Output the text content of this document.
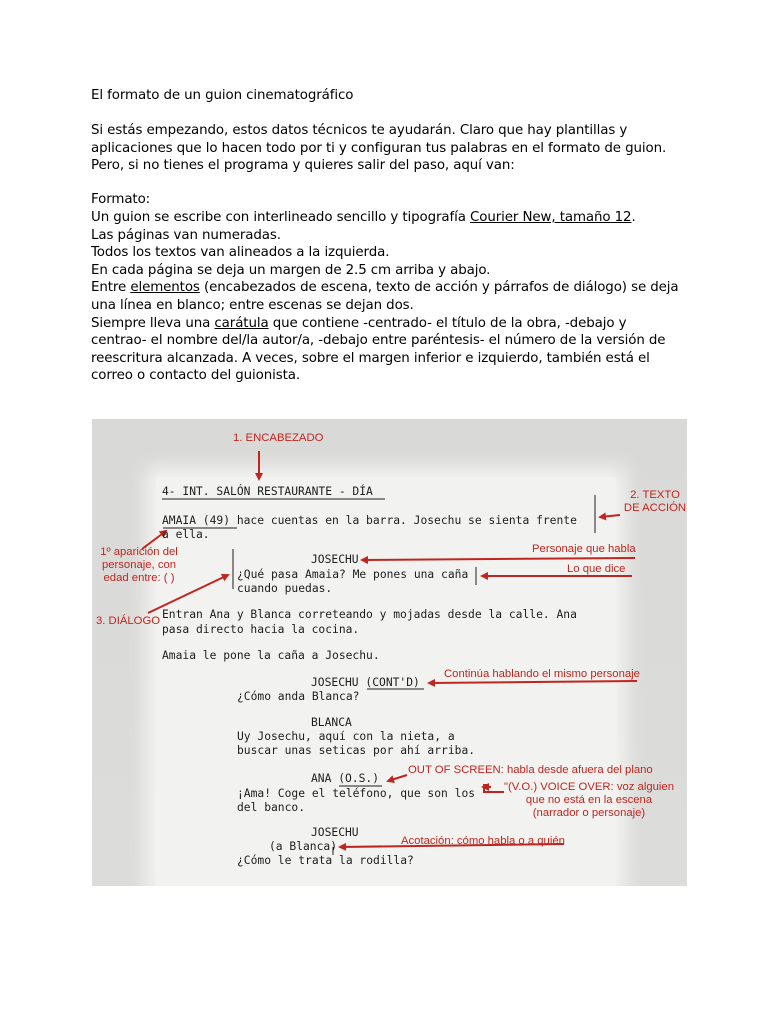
El formato de un guion cinematográfico
Si estás empezando, estos datos técnicos te ayudarán. Claro que hay plantillas y
aplicaciones que lo hacen todo por ti y configuran tus palabras en el formato de guion.
Pero, si no tienes el programa y quieres salir del paso, aquí van:
Formato:
Un guion se escribe con interlineado sencillo y tipografía Courier New, tamaño 12.
Las páginas van numeradas.
Todos los textos van alineados a la izquierda.
En cada página se deja un margen de 2.5 cm arriba y abajo.
Entre elementos (encabezados de escena, texto de acción y párrafos de diálogo) se deja
una línea en blanco; entre escenas se dejan dos.
Siempre lleva una carátula que contiene -centrado- el título de la obra, -debajo y
centrao- el nombre del/la autor/a, -debajo entre paréntesis- el número de la versión de
reescritura alcanzada. A veces, sobre el margen inferior e izquierdo, también está el
correo o contacto del guionista.
4- INT. SALÓN RESTAURANTE - DÍA
AMAIA (49) hace cuentas en la barra. Josechu se sienta frente
a ella.
JOSECHU
¿Qué pasa Amaia? Me pones una caña
cuando puedas.
Entran Ana y Blanca correteando y mojadas desde la calle. Ana
pasa directo hacia la cocina.
Amaia le pone la caña a Josechu.
JOSECHU (CONT'D)
¿Cómo anda Blanca?
BLANCA
Uy Josechu, aquí con la nieta, a
buscar unas seticas por ahí arriba.
ANA (O.S.)
¡Ama! Coge el teléfono, que son los
del banco.
JOSECHU
(a Blanca)
¿Cómo le trata la rodilla?
1. ENCABEZADO
2. TEXTO
DE ACCIÓN
1º aparición del
personaje, con
edad entre: ( )
3. DIÁLOGO
Personaje que habla
Lo que dice
Continúa hablando el mismo personaje
OUT OF SCREEN: habla desde afuera del plano
"(V.O.) VOICE OVER: voz alguien
que no está en la escena
(narrador o personaje)
Acotación: cómo habla o a quién
